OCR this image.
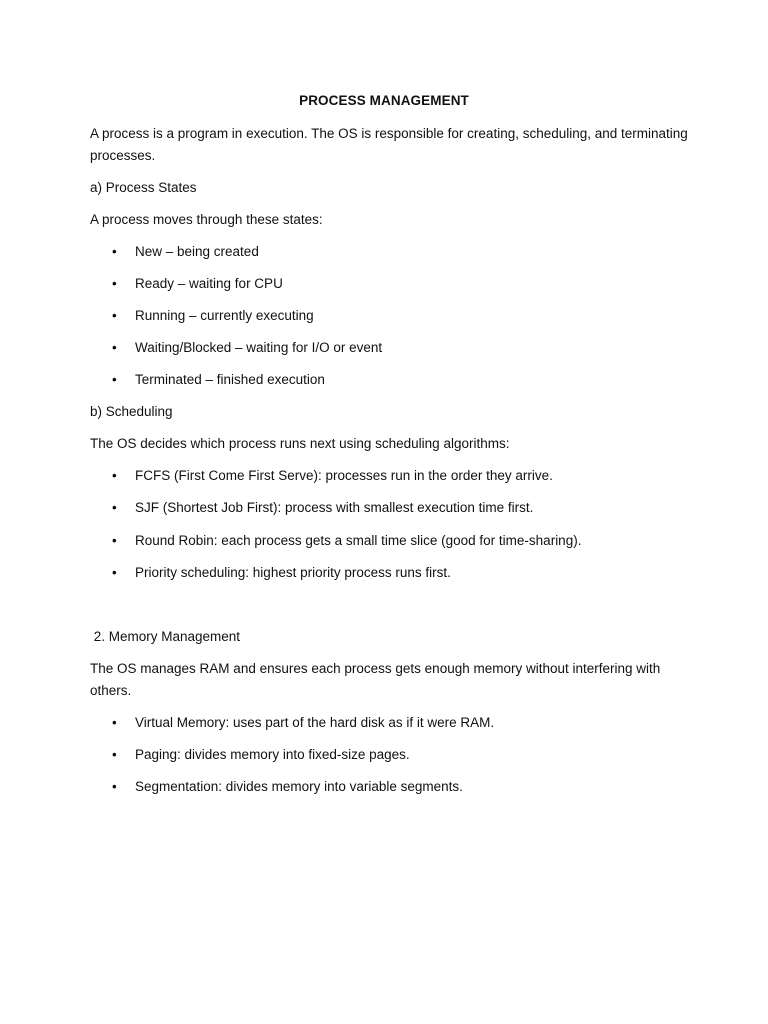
PROCESS MANAGEMENT
A process is a program in execution. The OS is responsible for creating, scheduling, and terminating processes.
a) Process States
A process moves through these states:
• New – being created
• Ready – waiting for CPU
• Running – currently executing
• Waiting/Blocked – waiting for I/O or event
• Terminated – finished execution
b) Scheduling
The OS decides which process runs next using scheduling algorithms:
• FCFS (First Come First Serve): processes run in the order they arrive.
• SJF (Shortest Job First): process with smallest execution time first.
• Round Robin: each process gets a small time slice (good for time-sharing).
• Priority scheduling: highest priority process runs first.
2. Memory Management
The OS manages RAM and ensures each process gets enough memory without interfering with others.
• Virtual Memory: uses part of the hard disk as if it were RAM.
• Paging: divides memory into fixed-size pages.
• Segmentation: divides memory into variable segments.
